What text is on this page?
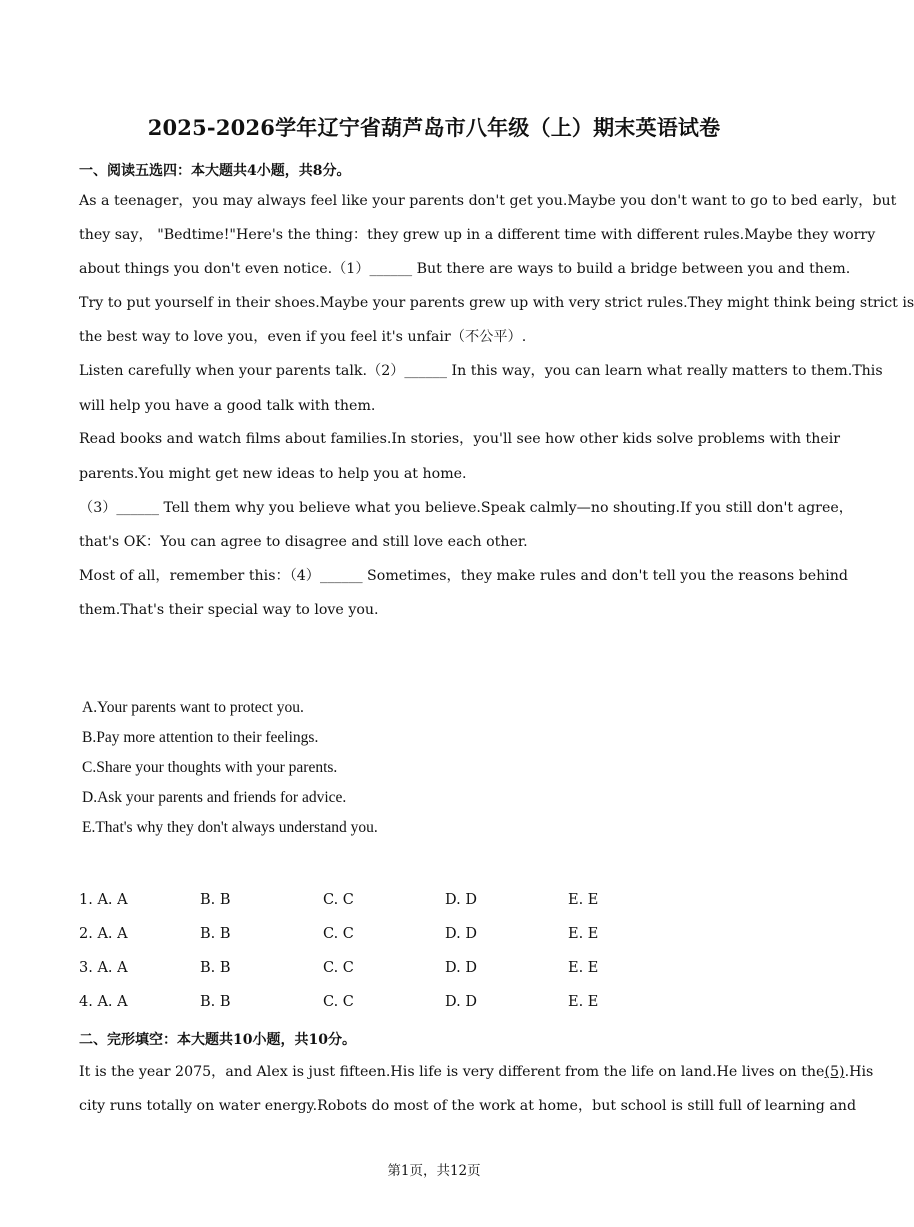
2025-2026学年辽宁省葫芦岛市八年级（上）期末英语试卷
一、阅读五选四：本大题共4小题，共8分。
As a teenager，you may always feel like your parents don't get you.Maybe you don't want to go to bed early，but
they say， "Bedtime!"Here's the thing：they grew up in a different time with different rules.Maybe they worry
about things you don't even notice.（1）______ But there are ways to build a bridge between you and them.
Try to put yourself in their shoes.Maybe your parents grew up with very strict rules.They might think being strict is
the best way to love you，even if you feel it's unfair（不公平）.
Listen carefully when your parents talk.（2）______ In this way，you can learn what really matters to them.This
will help you have a good talk with them.
Read books and watch films about families.In stories，you'll see how other kids solve problems with their
parents.You might get new ideas to help you at home.
（3）______ Tell them why you believe what you believe.Speak calmly—no shouting.If you still don't agree，
that's OK：You can agree to disagree and still love each other.
Most of all，remember this：（4）______ Sometimes，they make rules and don't tell you the reasons behind
them.That's their special way to love you.
A.Your parents want to protect you.
B.Pay more attention to their feelings.
C.Share your thoughts with your parents.
D.Ask your parents and friends for advice.
E.That's why they don't always understand you.
1. A. A	B. B	C. C	D. D	E. E
2. A. A	B. B	C. C	D. D	E. E
3. A. A	B. B	C. C	D. D	E. E
4. A. A	B. B	C. C	D. D	E. E
二、完形填空：本大题共10小题，共10分。
It is the year 2075，and Alex is just fifteen.His life is very different from the life on land.He lives on the(5).His
city runs totally on water energy.Robots do most of the work at home，but school is still full of learning and
第1页，共12页
